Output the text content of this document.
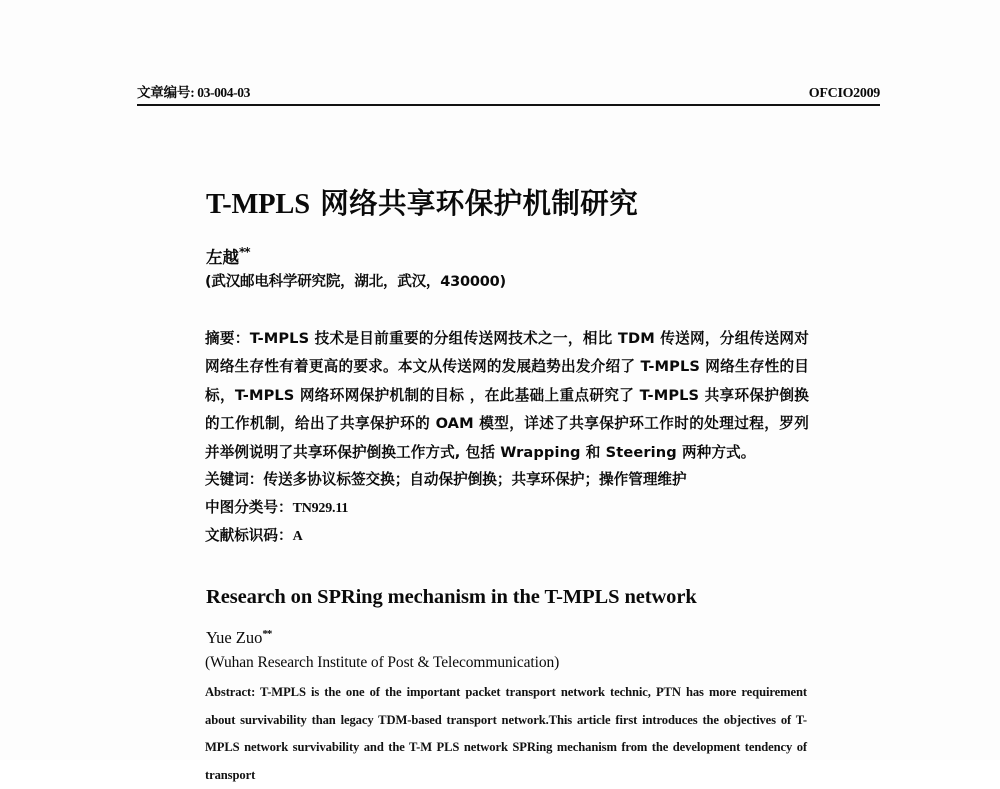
文章编号: 03-004-03	OFCIO2009
T-MPLS 网络共享环保护机制研究
左越**
(武汉邮电科学研究院，湖北，武汉，430000)
摘要：T-MPLS 技术是目前重要的分组传送网技术之一，相比 TDM 传送网，分组传送网对网络生存性有着更高的要求。本文从传送网的发展趋势出发介绍了 T-MPLS 网络生存性的目标，T-MPLS 网络环网保护机制的目标 ，在此基础上重点研究了 T-MPLS 共享环保护倒换的工作机制，给出了共享保护环的 OAM 模型，详述了共享保护环工作时的处理过程，罗列并举例说明了共享环保护倒换工作方式, 包括 Wrapping 和 Steering 两种方式。
关键词：传送多协议标签交换；自动保护倒换；共享环保护；操作管理维护
中图分类号：TN929.11
文献标识码：A
Research on SPRing mechanism in the T-MPLS network
Yue Zuo**
(Wuhan Research Institute of Post & Telecommunication)
Abstract: T-MPLS is the one of the important packet transport network technic, PTN has more requirement about survivability than legacy TDM-based transport network.This article first introduces the objectives of T-MPLS network survivability and the T-M PLS network SPRing mechanism from the development tendency of transport
